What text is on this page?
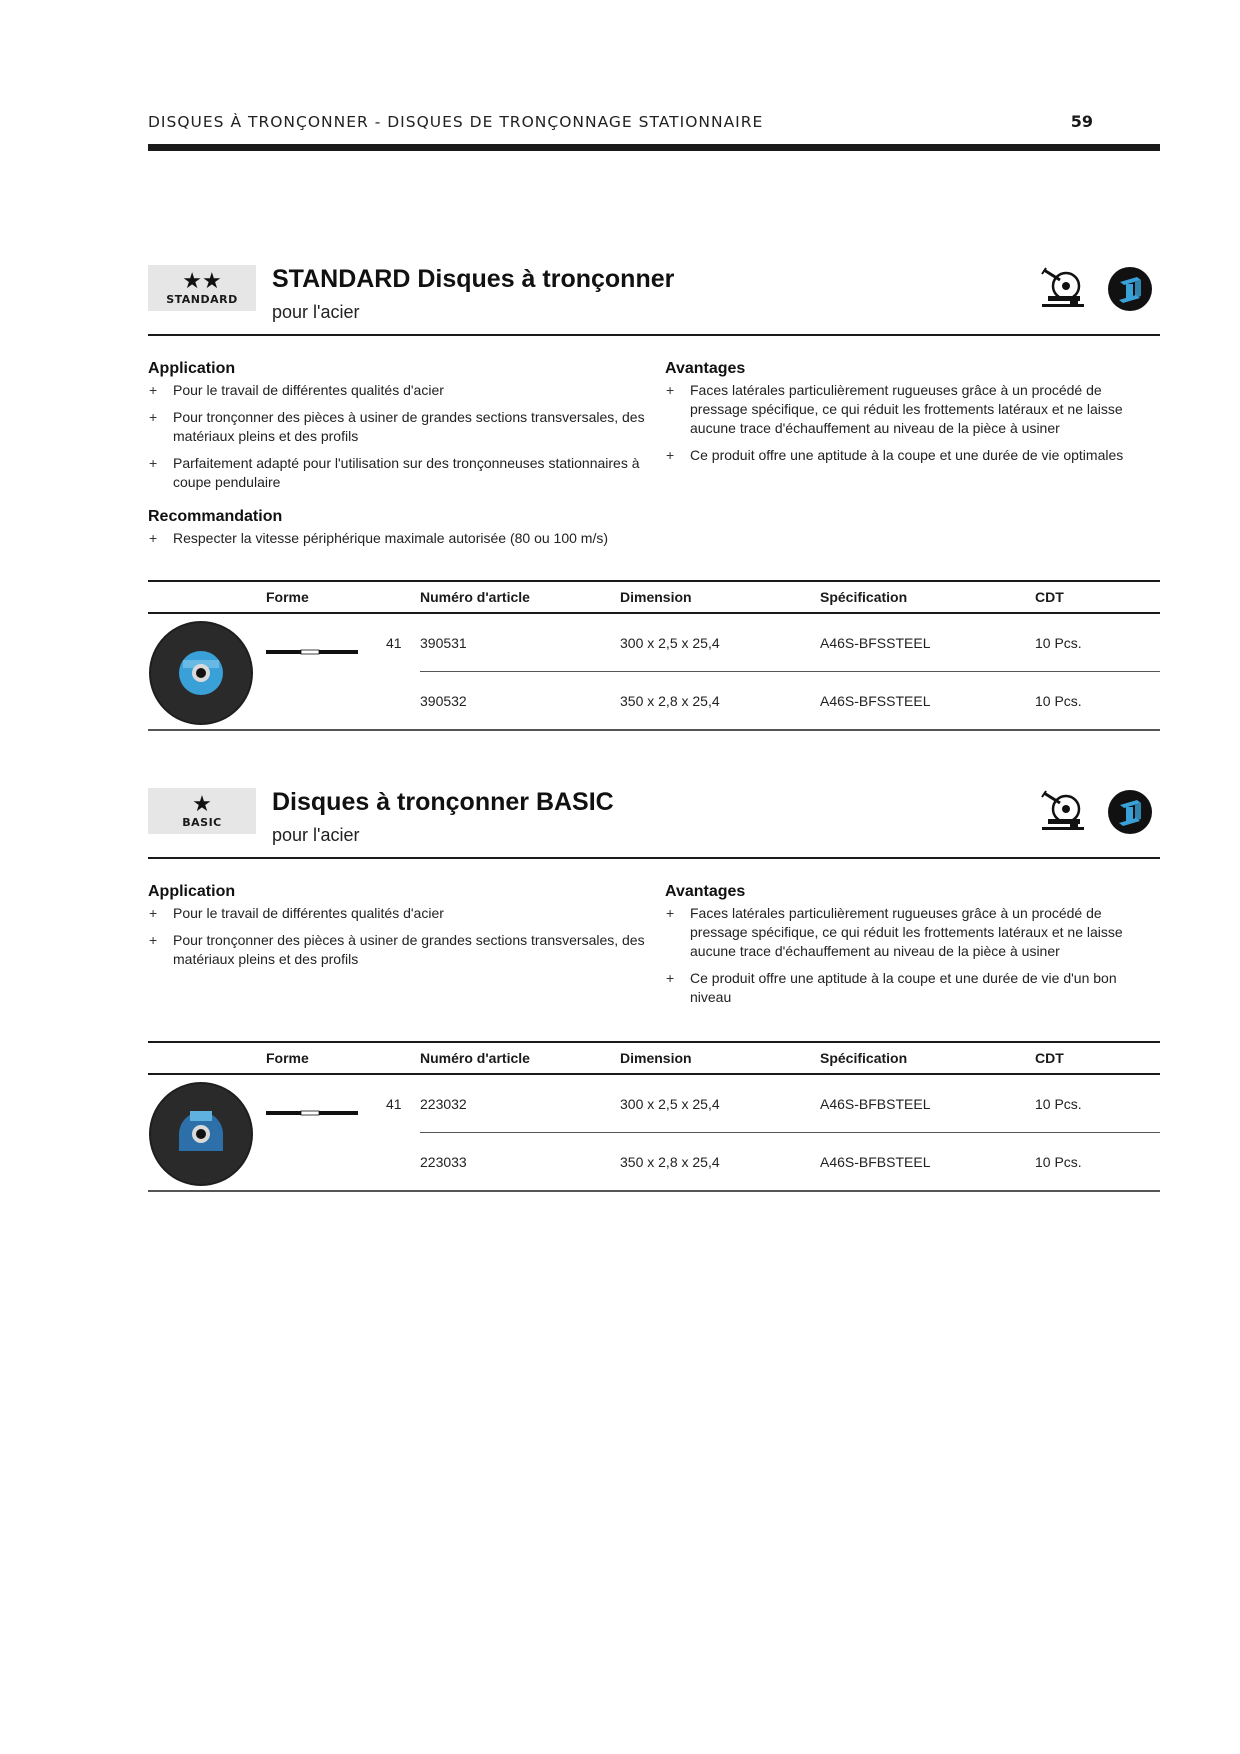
DISQUES À TRONÇONNER - DISQUES DE TRONÇONNAGE STATIONNAIRE	59
★★
STANDARD
STANDARD Disques à tronçonner
pour l'acier
Application
+ Pour le travail de différentes qualités d'acier
+ Pour tronçonner des pièces à usiner de grandes sections transversales, des matériaux pleins et des profils
+ Parfaitement adapté pour l'utilisation sur des tronçonneuses stationnaires à coupe pendulaire
Recommandation
+ Respecter la vitesse périphérique maximale autorisée (80 ou 100 m/s)
Avantages
+ Faces latérales particulièrement rugueuses grâce à un procédé de pressage spécifique, ce qui réduit les frottements latéraux et ne laisse aucune trace d'échauffement au niveau de la pièce à usiner
+ Ce produit offre une aptitude à la coupe et une durée de vie optimales
	Forme		Numéro d'article	Dimension	Spécification	CDT
		41	390531	300 x 2,5 x 25,4	A46S-BFSSTEEL	10 Pcs.
			390532	350 x 2,8 x 25,4	A46S-BFSSTEEL	10 Pcs.
★
BASIC
Disques à tronçonner BASIC
pour l'acier
Application
+ Pour le travail de différentes qualités d'acier
+ Pour tronçonner des pièces à usiner de grandes sections transversales, des matériaux pleins et des profils
Avantages
+ Faces latérales particulièrement rugueuses grâce à un procédé de pressage spécifique, ce qui réduit les frottements latéraux et ne laisse aucune trace d'échauffement au niveau de la pièce à usiner
+ Ce produit offre une aptitude à la coupe et une durée de vie d'un bon niveau
	Forme		Numéro d'article	Dimension	Spécification	CDT
		41	223032	300 x 2,5 x 25,4	A46S-BFBSTEEL	10 Pcs.
			223033	350 x 2,8 x 25,4	A46S-BFBSTEEL	10 Pcs.
